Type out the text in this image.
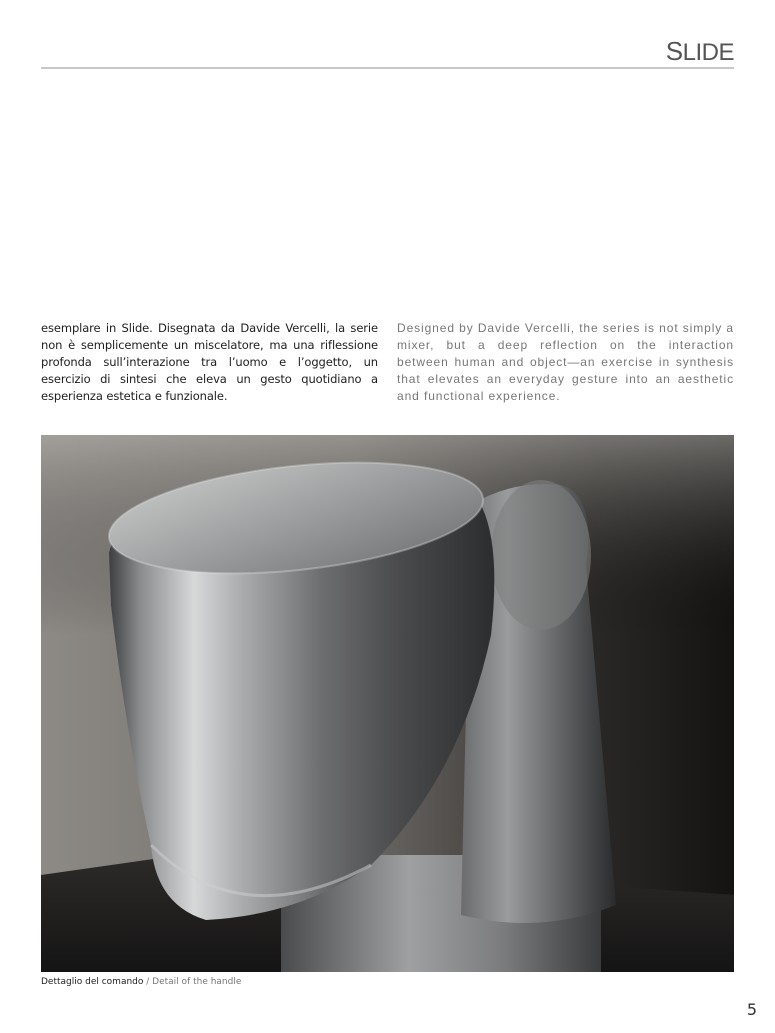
SLIDE
esemplare in Slide. Disegnata da Davide Vercelli, la serie non è semplicemente un miscelatore, ma una riflessione profonda sull’interazione tra l’uomo e l’oggetto, un esercizio di sintesi che eleva un gesto quotidiano a esperienza estetica e funzionale.
Designed by Davide Vercelli, the series is not simply a mixer, but a deep reflection on the interaction between human and object—an exercise in synthesis that elevates an everyday gesture into an aesthetic and functional experience.
Dettaglio del comando / Detail of the handle
5
